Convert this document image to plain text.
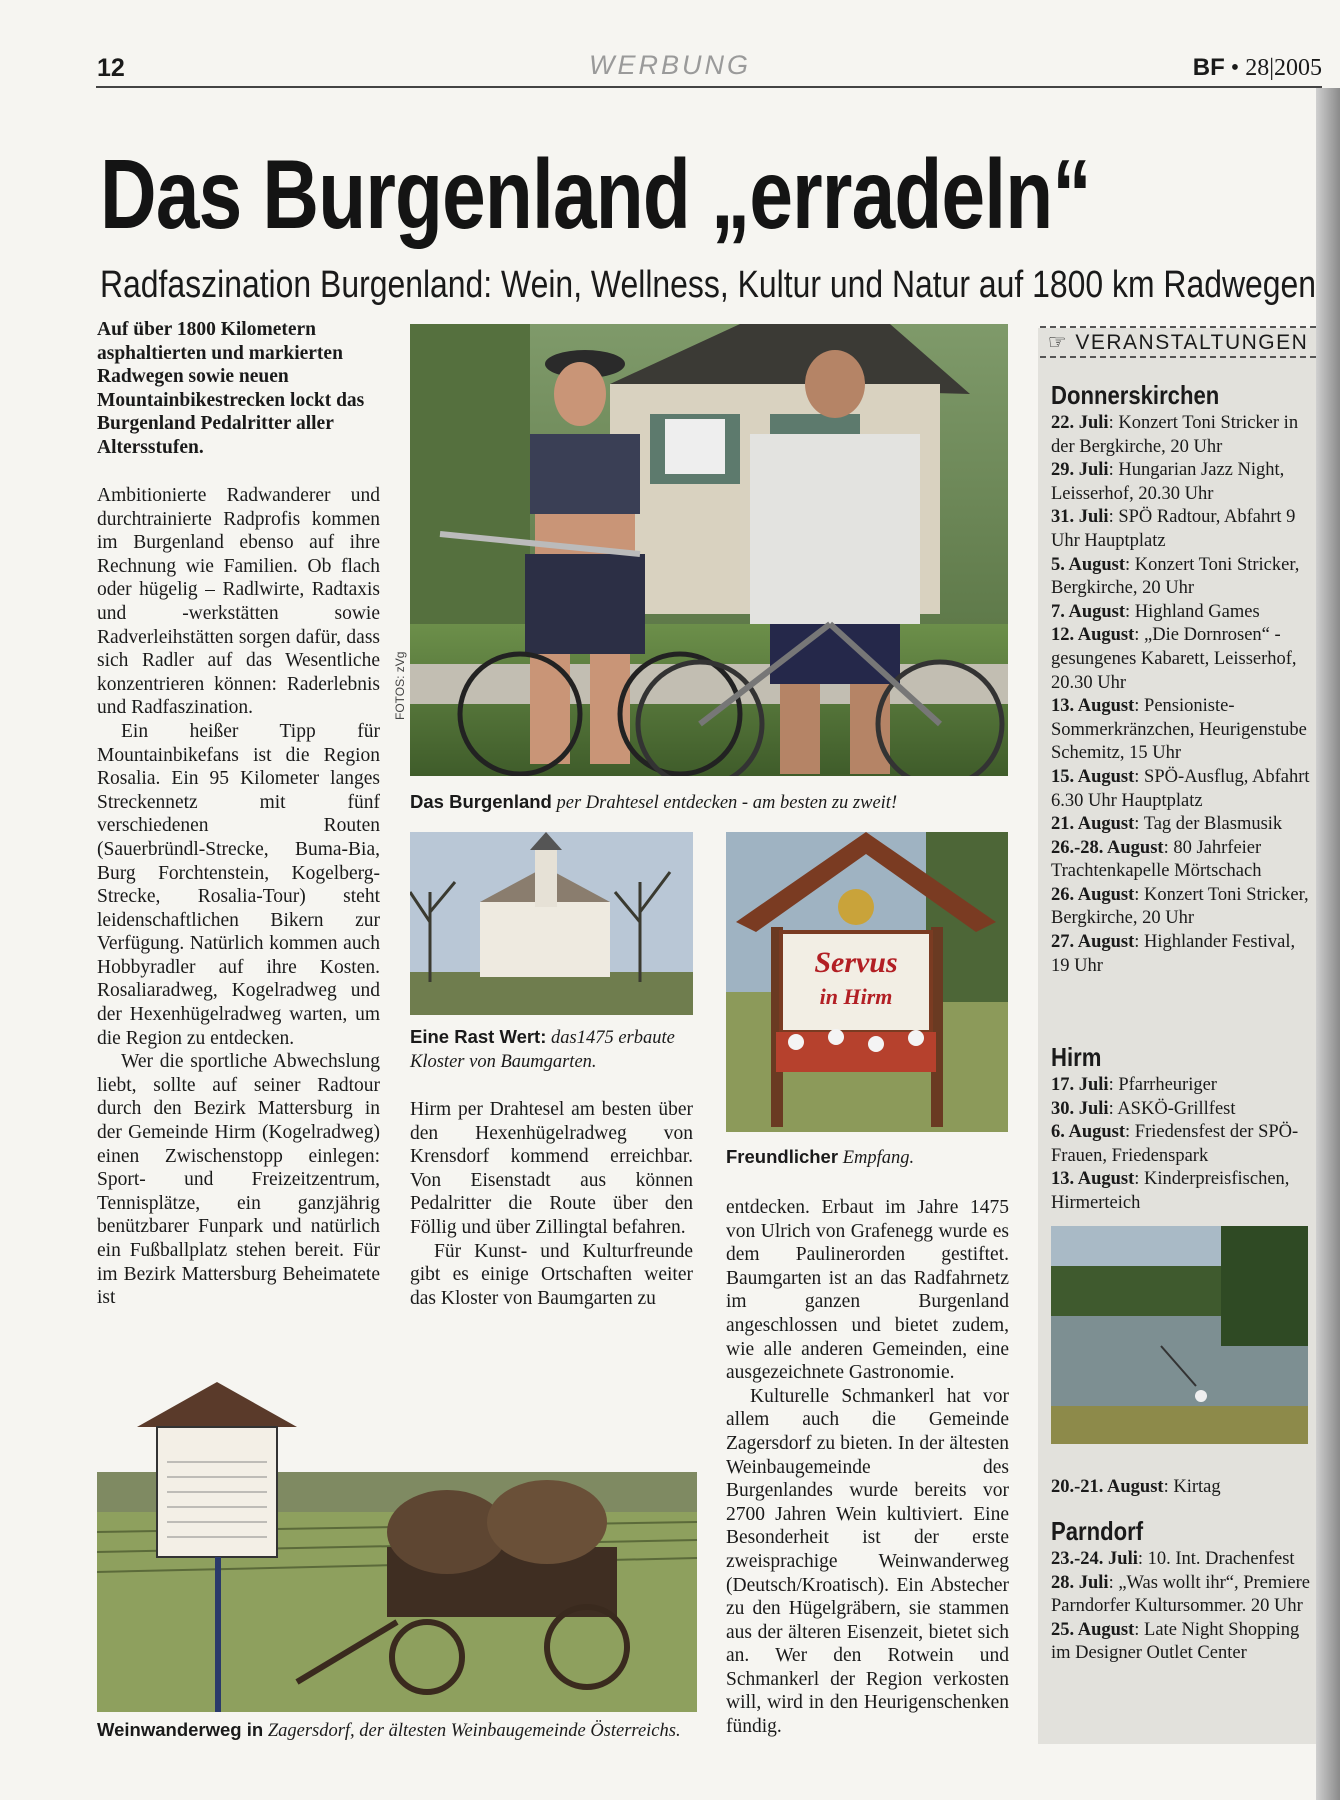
12	WERBUNG	BF • 28|2005
Das Burgenland „erradeln“
Radfaszination Burgenland: Wein, Wellness, Kultur und Natur auf 1800 km Radwegen
Auf über 1800 Kilometern asphaltierten und markierten Radwegen sowie neuen Mountainbikestrecken lockt das Burgenland Pedalritter aller Altersstufen.

Ambitionierte Radwanderer und durchtrainierte Radprofis kommen im Burgenland ebenso auf ihre Rechnung wie Familien. Ob flach oder hügelig – Radlwirte, Radtaxis und -werkstätten sowie Radverleihstätten sorgen dafür, dass sich Radler auf das Wesentliche konzentrieren können: Raderlebnis und Radfaszination.

Ein heißer Tipp für Mountainbikefans ist die Region Rosalia. Ein 95 Kilometer langes Streckennetz mit fünf verschiedenen Routen (Sauerbründl-Strecke, Buma-Bia, Burg Forchtenstein, Kogelberg-Strecke, Rosalia-Tour) steht leidenschaftlichen Bikern zur Verfügung. Natürlich kommen auch Hobbyradler auf ihre Kosten. Rosaliaradweg, Kogelradweg und der Hexenhügelradweg warten, um die Region zu entdecken.

Wer die sportliche Abwechslung liebt, sollte auf seiner Radtour durch den Bezirk Mattersburg in der Gemeinde Hirm (Kogelradweg) einen Zwischenstopp einlegen: Sport- und Freizeitzentrum, Tennisplätze, ein ganzjährig benützbarer Funpark und natürlich ein Fußballplatz stehen bereit. Für im Bezirk Mattersburg Beheimatete ist

FOTOS: zVg
Das Burgenland per Drahtesel entdecken - am besten zu zweit!
Eine Rast Wert: das1475 erbaute Kloster von Baumgarten.
Servus
in Hirm
Freundlicher Empfang.

Hirm per Drahtesel am besten über den Hexenhügelradweg von Krensdorf kommend erreichbar. Von Eisenstadt aus können Pedalritter die Route über den Föllig und über Zillingtal befahren.

Für Kunst- und Kulturfreunde gibt es einige Ortschaften weiter das Kloster von Baumgarten zu

entdecken. Erbaut im Jahre 1475 von Ulrich von Grafenegg wurde es dem Paulinerorden gestiftet. Baumgarten ist an das Radfahrnetz im ganzen Burgenland angeschlossen und bietet zudem, wie alle anderen Gemeinden, eine ausgezeichnete Gastronomie.

Kulturelle Schmankerl hat vor allem auch die Gemeinde Zagersdorf zu bieten. In der ältesten Weinbaugemeinde des Burgenlandes wurde bereits vor 2700 Jahren Wein kultiviert. Eine Besonderheit ist der erste zweisprachige Weinwanderweg (Deutsch/Kroatisch). Ein Abstecher zu den Hügelgräbern, sie stammen aus der älteren Eisenzeit, bietet sich an. Wer den Rotwein und Schmankerl der Region verkosten will, wird in den Heurigenschenken fündig.

Weinwanderweg in Zagersdorf, der ältesten Weinbaugemeinde Österreichs.
☞ VERANSTALTUNGEN
Donnerskirchen
22. Juli: Konzert Toni Stricker in der Bergkirche, 20 Uhr
29. Juli: Hungarian Jazz Night, Leisserhof, 20.30 Uhr
31. Juli: SPÖ Radtour, Abfahrt 9 Uhr Hauptplatz
5. August: Konzert Toni Stricker, Bergkirche, 20 Uhr
7. August: Highland Games
12. August: „Die Dornrosen“ - gesungenes Kabarett, Leisserhof, 20.30 Uhr
13. August: Pensioniste-Sommerkränzchen, Heurigenstube Schemitz, 15 Uhr
15. August: SPÖ-Ausflug, Abfahrt 6.30 Uhr Hauptplatz
21. August: Tag der Blasmusik
26.-28. August: 80 Jahrfeier Trachtenkapelle Mörtschach
26. August: Konzert Toni Stricker, Bergkirche, 20 Uhr
27. August: Highlander Festival, 19 Uhr
Hirm
17. Juli: Pfarrheuriger
30. Juli: ASKÖ-Grillfest
6. August: Friedensfest der SPÖ-Frauen, Friedenspark
13. August: Kinderpreisfischen, Hirmerteich
20.-21. August: Kirtag
Parndorf
23.-24. Juli: 10. Int. Drachenfest
28. Juli: „Was wollt ihr“, Premiere Parndorfer Kultursommer. 20 Uhr
25. August: Late Night Shopping im Designer Outlet Center
